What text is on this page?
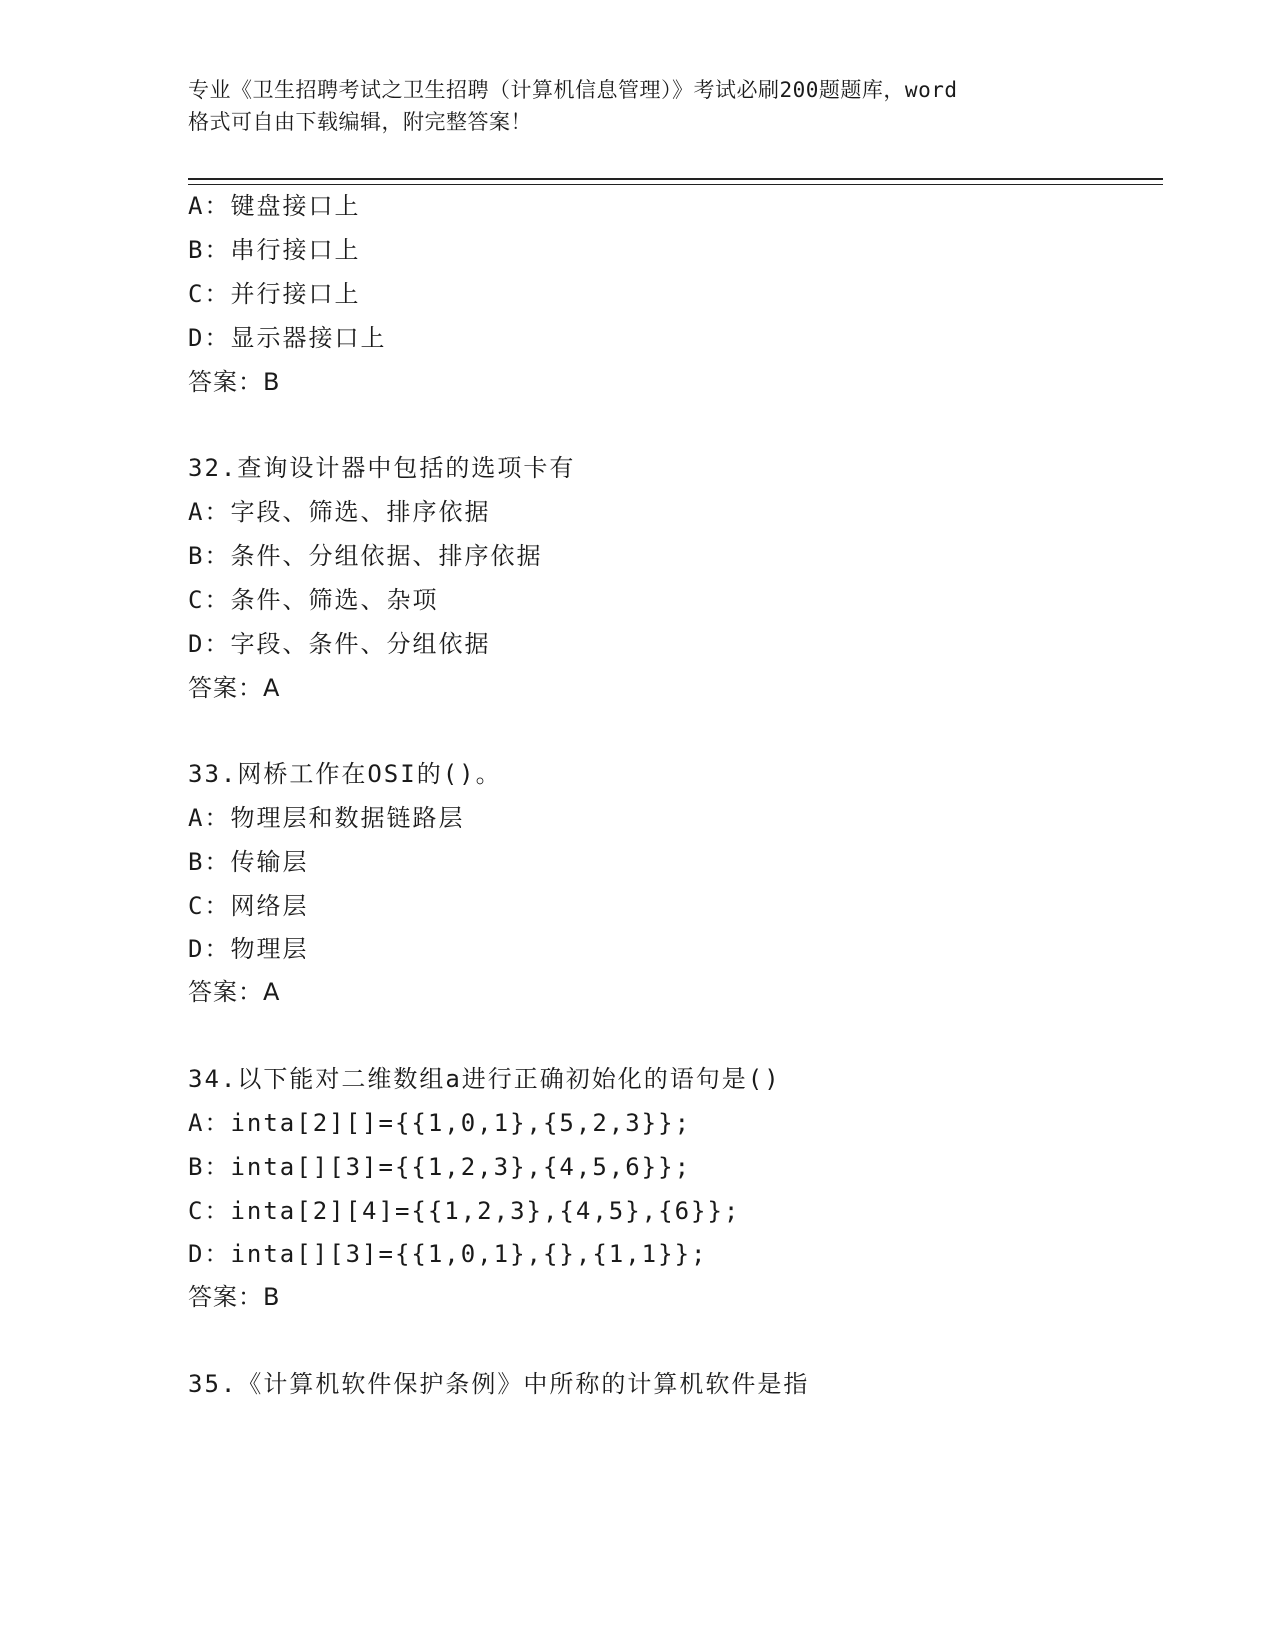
专业《卫生招聘考试之卫生招聘（计算机信息管理）》考试必刷200题题库，word
格式可自由下载编辑，附完整答案！
A：键盘接口上
B：串行接口上
C：并行接口上
D：显示器接口上
答案：B
32.查询设计器中包括的选项卡有
A：字段、筛选、排序依据
B：条件、分组依据、排序依据
C：条件、筛选、杂项
D：字段、条件、分组依据
答案：A
33.网桥工作在OSI的()。
A：物理层和数据链路层
B：传输层
C：网络层
D：物理层
答案：A
34.以下能对二维数组a进行正确初始化的语句是()
A：inta[2][]={{1,0,1},{5,2,3}};
B：inta[][3]={{1,2,3},{4,5,6}};
C：inta[2][4]={{1,2,3},{4,5},{6}};
D：inta[][3]={{1,0,1},{},{1,1}};
答案：B
35.《计算机软件保护条例》中所称的计算机软件是指
